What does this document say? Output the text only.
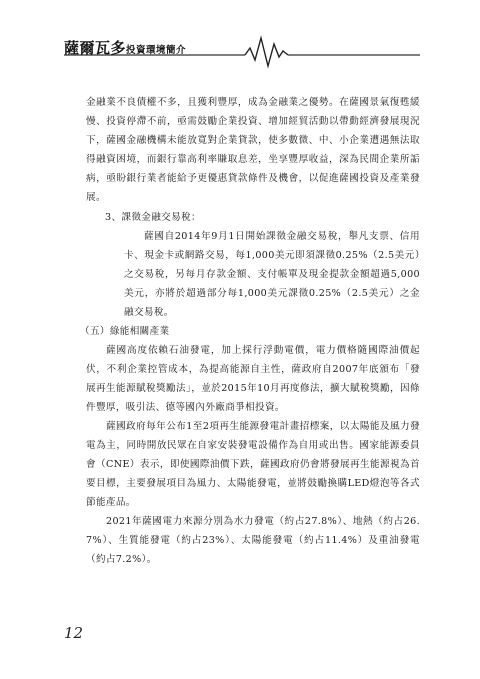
薩爾瓦多投資環境簡介

金融業不良債權不多，且獲利豐厚，成為金融業之優勢。在薩國景氣復甦緩慢、投資停滯不前，亟需鼓勵企業投資、增加經貿活動以帶動經濟發展現況下，薩國金融機構未能放寬對企業貸款，使多數微、中、小企業遭遇無法取得融資困境，而銀行靠高利率賺取息差，坐享豐厚收益，深為民間企業所詬病，亟盼銀行業者能給予更優惠貸款條件及機會，以促進薩國投資及產業發展。

3、課徵金融交易稅：

薩國自2014年9月1日開始課徵金融交易稅，舉凡支票、信用卡、現金卡或網路交易，每1,000美元即須課徵0.25%（2.5美元）之交易稅，另每月存款金額、支付帳單及現金提款金額超過5,000美元，亦將於超過部分每1,000美元課徵0.25%（2.5美元）之金融交易稅。

（五）綠能相關產業

薩國高度依賴石油發電，加上採行浮動電價，電力價格隨國際油價起伏，不利企業控管成本，為提高能源自主性，薩政府自2007年底頒布「發展再生能源賦稅獎勵法」，並於2015年10月再度修法，擴大賦稅獎勵，因條件豐厚，吸引法、德等國內外廠商爭相投資。

薩國政府每年公布1至2項再生能源發電計畫招標案，以太陽能及風力發電為主，同時開放民眾在自家安裝發電設備作為自用或出售。國家能源委員會（CNE）表示，即使國際油價下跌，薩國政府仍會將發展再生能源視為首要目標，主要發展項目為風力、太陽能發電，並將鼓勵換購LED燈泡等各式節能產品。

2021年薩國電力來源分別為水力發電（約占27.8%）、地熱（約占26.7%）、生質能發電（約占23%）、太陽能發電（約占11.4%）及重油發電（約占7.2%）。

12
